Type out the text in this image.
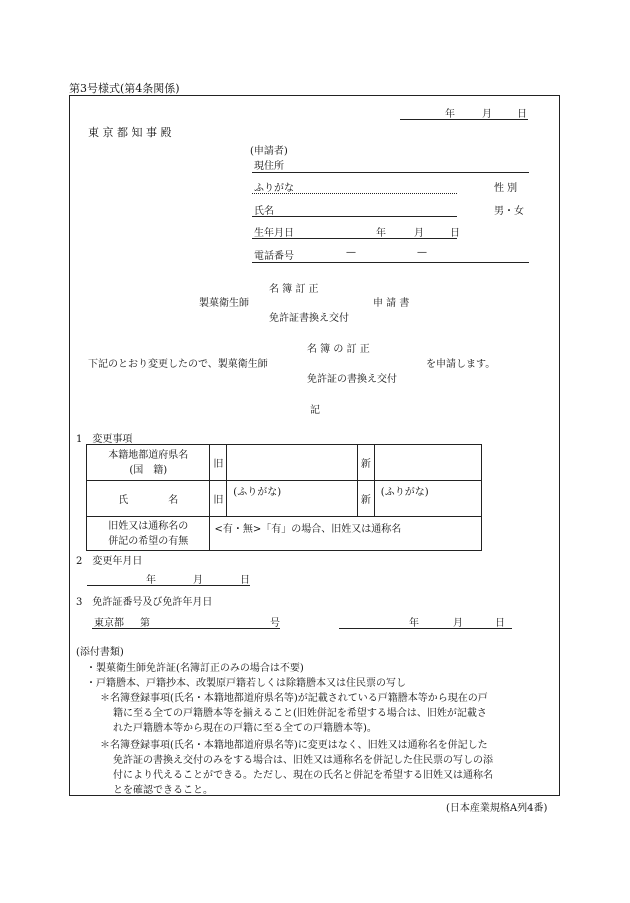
第3号様式(第4条関係)
年	月	日
東 京 都 知 事 殿
(申請者)
現住所
ふりがな	性 別
氏名	男・女
生年月日	年	月	日
電話番号	—	—
名 簿 訂 正
製菓衛生師	申 請 書
免許証書換え交付
名 簿 の 訂 正
下記のとおり変更したので、製菓衛生師	を申請します。
免許証の書換え交付
記
1　変更事項
本籍地都道府県名
(国　籍)	旧		新	
氏　　　　名	旧	(ふりがな)	新	(ふりがな)

旧姓又は通称名の
併記の希望の有無	<有・無>「有」の場合、旧姓又は通称名			
2　変更年月日
年	月	日
3　免許証番号及び免許年月日
東京都 第	号	年	月	日
(添付書類)
・製菓衛生師免許証(名簿訂正のみの場合は不要)
・戸籍謄本、戸籍抄本、改製原戸籍若しくは除籍謄本又は住民票の写し
＊名簿登録事項(氏名・本籍地都道府県名等)が記載されている戸籍謄本等から現在の戸
籍に至る全ての戸籍謄本等を揃えること(旧姓併記を希望する場合は、旧姓が記載さ
れた戸籍謄本等から現在の戸籍に至る全ての戸籍謄本等)。
＊名簿登録事項(氏名・本籍地都道府県名等)に変更はなく、旧姓又は通称名を併記した
免許証の書換え交付のみをする場合は、旧姓又は通称名を併記した住民票の写しの添
付により代えることができる。ただし、現在の氏名と併記を希望する旧姓又は通称名
とを確認できること。
(日本産業規格A列4番)
